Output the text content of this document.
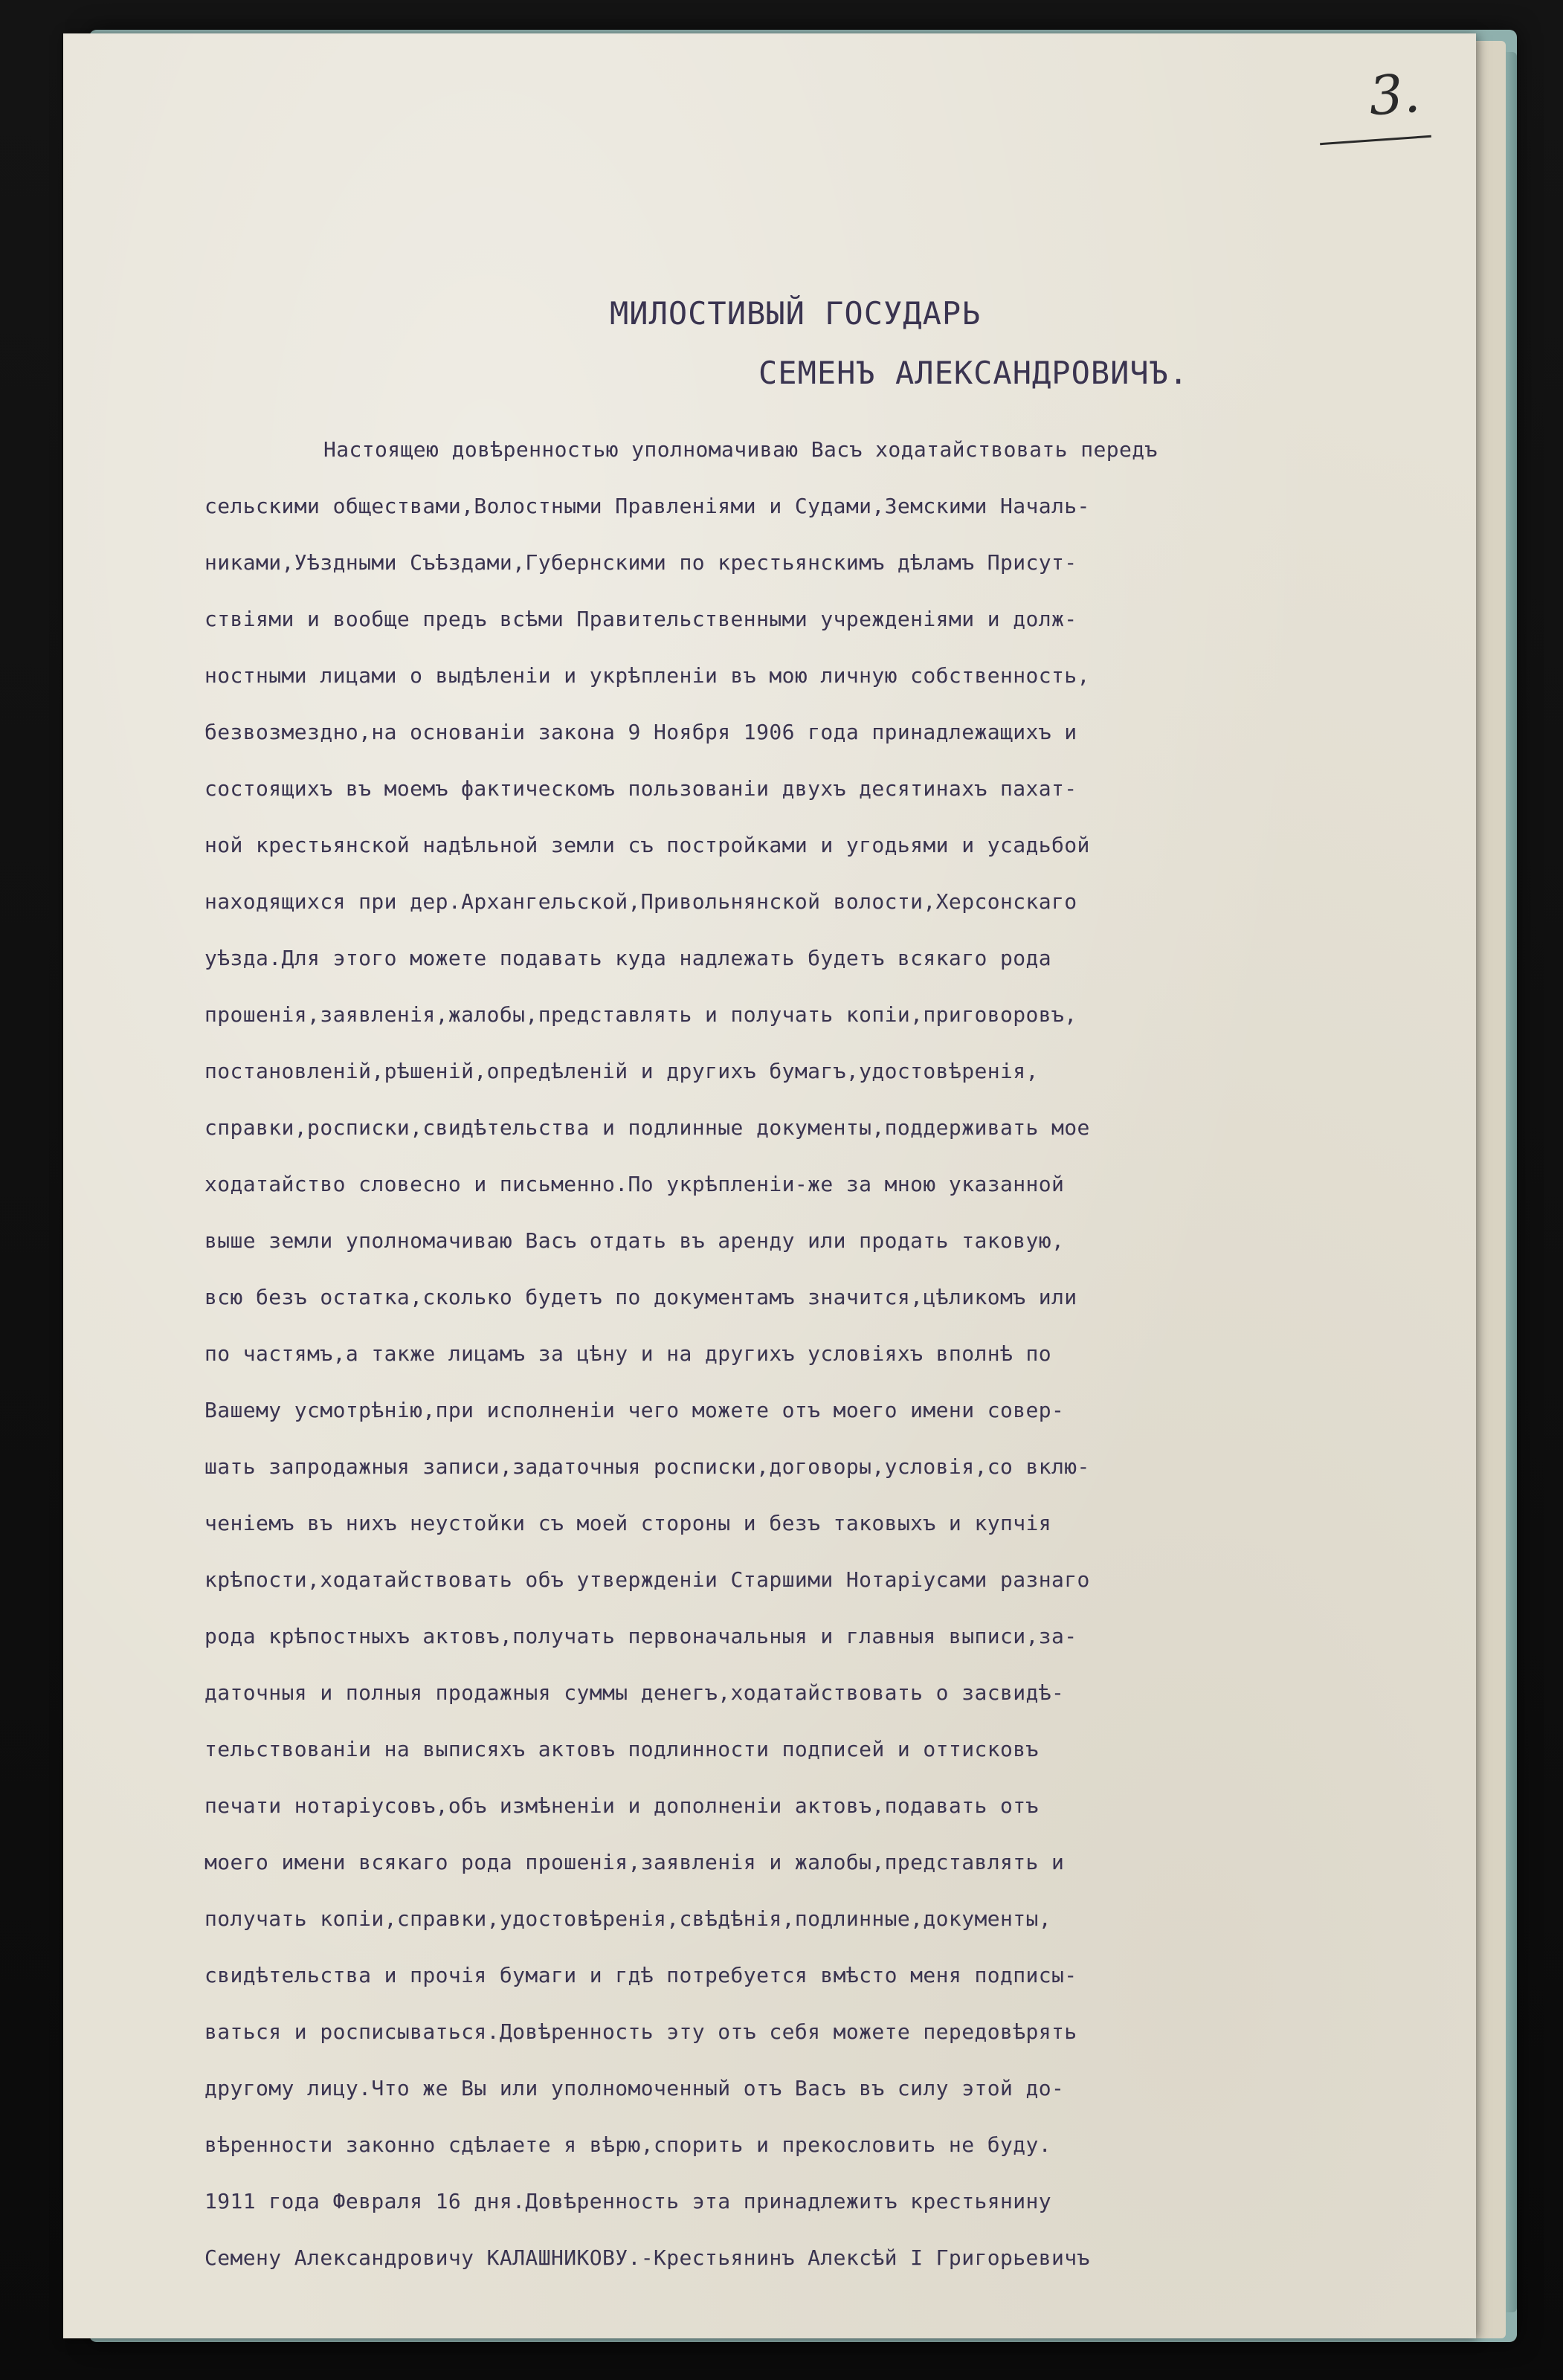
3.
МИЛОСТИВЫЙ ГОСУДАРЬ
СЕМЕНЪ АЛЕКСАНДРОВИЧЪ.
Настоящею довѣренностью уполномачиваю Васъ ходатайствовать передъ
сельскими обществами,Волостными Правленіями и Судами,Земскими Началь-
никами,Уѣздными Съѣздами,Губернскими по крестьянскимъ дѣламъ Присут-
ствіями и вообще предъ всѣми Правительственными учрежденіями и долж-
ностными лицами о выдѣленіи и укрѣпленіи въ мою личную собственность,
безвозмездно,на основаніи закона 9 Ноября 1906 года принадлежащихъ и
состоящихъ въ моемъ фактическомъ пользованіи двухъ десятинахъ пахат-
ной крестьянской надѣльной земли съ постройками и угодьями и усадьбой
находящихся при дер.Архангельской,Привольнянской волости,Херсонскаго
уѣзда.Для этого можете подавать куда надлежать будетъ всякаго рода
прошенія,заявленія,жалобы,представлять и получать копіи,приговоровъ,
постановленій,рѣшеній,опредѣленій и другихъ бумагъ,удостовѣренія,
справки,росписки,свидѣтельства и подлинные документы,поддерживать мое
ходатайство словесно и письменно.По укрѣпленіи-же за мною указанной
выше земли уполномачиваю Васъ отдать въ аренду или продать таковую,
всю безъ остатка,сколько будетъ по документамъ значится,цѣликомъ или
по частямъ,а также лицамъ за цѣну и на другихъ условіяхъ вполнѣ по
Вашему усмотрѣнію,при исполненіи чего можете отъ моего имени совер-
шать запродажныя записи,задаточныя росписки,договоры,условія,со вклю-
ченіемъ въ нихъ неустойки съ моей стороны и безъ таковыхъ и купчія
крѣпости,ходатайствовать объ утвержденіи Старшими Нотаріусами разнаго
рода крѣпостныхъ актовъ,получать первоначальныя и главныя выписи,за-
даточныя и полныя продажныя суммы денегъ,ходатайствовать о засвидѣ-
тельствованіи на выписяхъ актовъ подлинности подписей и оттисковъ
печати нотаріусовъ,объ измѣненіи и дополненіи актовъ,подавать отъ
моего имени всякаго рода прошенія,заявленія и жалобы,представлять и
получать копіи,справки,удостовѣренія,свѣдѣнія,подлинные,документы,
свидѣтельства и прочія бумаги и гдѣ потребуется вмѣсто меня подписы-
ваться и росписываться.Довѣренность эту отъ себя можете передовѣрять
другому лицу.Что же Вы или уполномоченный отъ Васъ въ силу этой до-
вѣренности законно сдѣлаете я вѣрю,спорить и прекословить не буду.
1911 года Февраля 16 дня.Довѣренность эта принадлежитъ крестьянину
Семену Александровичу КАЛАШНИКОВУ.-Крестьянинъ Алексѣй I Григорьевичъ
